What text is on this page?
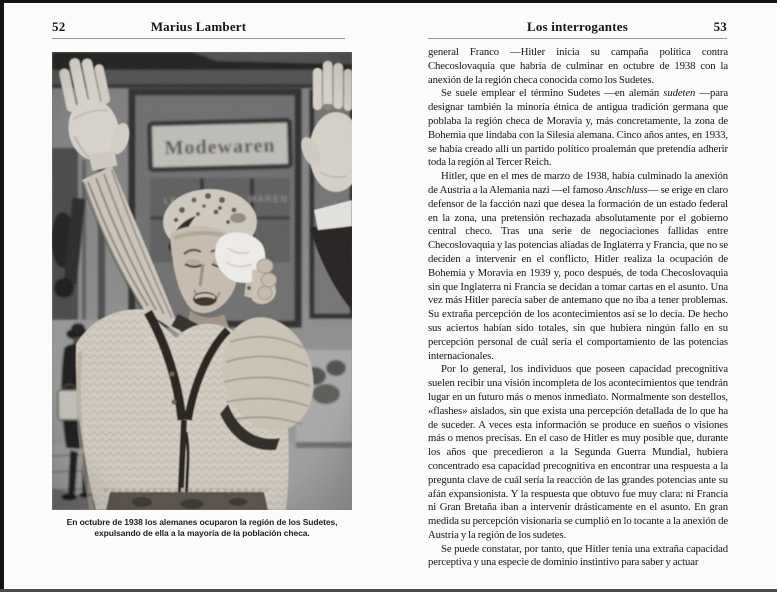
52	Marius Lambert
En octubre de 1938 los alemanes ocuparon la región de los Sudetes,
expulsando de ella a la mayoría de la población checa.
Los interrogantes	53

general Franco —Hitler inicia su campaña política contra Checoslovaquia que habría de culminar en octubre de 1938 con la anexión de la región checa conocida como los Sudetes.

Se suele emplear el término Sudetes —en alemán sudeten —para designar también la minoría étnica de antigua tradición germana que poblaba la región checa de Moravia y, más concretamente, la zona de Bohemia que lindaba con la Silesia alemana. Cinco años antes, en 1933, se había creado allí un partido político proalemán que pretendía adherir toda la región al Tercer Reich.

Hitler, que en el mes de marzo de 1938, había culminado la anexión de Austria a la Alemania nazi —el famoso Anschluss— se erige en claro defensor de la facción nazi que desea la formación de un estado federal en la zona, una pretensión rechazada absolutamente por el gobierno central checo. Tras una serie de negociaciones fallidas entre Checoslovaquia y las potencias aliadas de Inglaterra y Francia, que no se deciden a intervenir en el conflicto, Hitler realiza la ocupación de Bohemia y Moravia en 1939 y, poco después, de toda Checoslovaquia sin que Inglaterra ni Francia se decidan a tomar cartas en el asunto. Una vez más Hitler parecía saber de antemano que no iba a tener problemas. Su extraña percepción de los acontecimientos así se lo decía. De hecho sus aciertos habían sido totales, sin que hubiera ningún fallo en su percepción personal de cuál sería el comportamiento de las potencias internacionales.

Por lo general, los individuos que poseen capacidad precognitiva suelen recibir una visión incompleta de los acontecimientos que tendrán lugar en un futuro más o menos inmediato. Normalmente son destellos, «flashes» aislados, sin que exista una percepción detallada de lo que ha de suceder. A veces esta información se produce en sueños o visiones más o menos precisas. En el caso de Hitler es muy posible que, durante los años que precedieron a la Segunda Guerra Mundial, hubiera concentrado esa capacidad precognitiva en encontrar una respuesta a la pregunta clave de cuál sería la reacción de las grandes potencias ante su afán expansionista. Y la respuesta que obtuvo fue muy clara: ni Francia ni Gran Bretaña iban a intervenir drásticamente en el asunto. En gran medida su percepción visionaria se cumplió en lo tocante a la anexión de Austria y la región de los sudetes.

Se puede constatar, por tanto, que Hitler tenía una extraña capacidad perceptiva y una especie de dominio instintivo para saber y actuar
